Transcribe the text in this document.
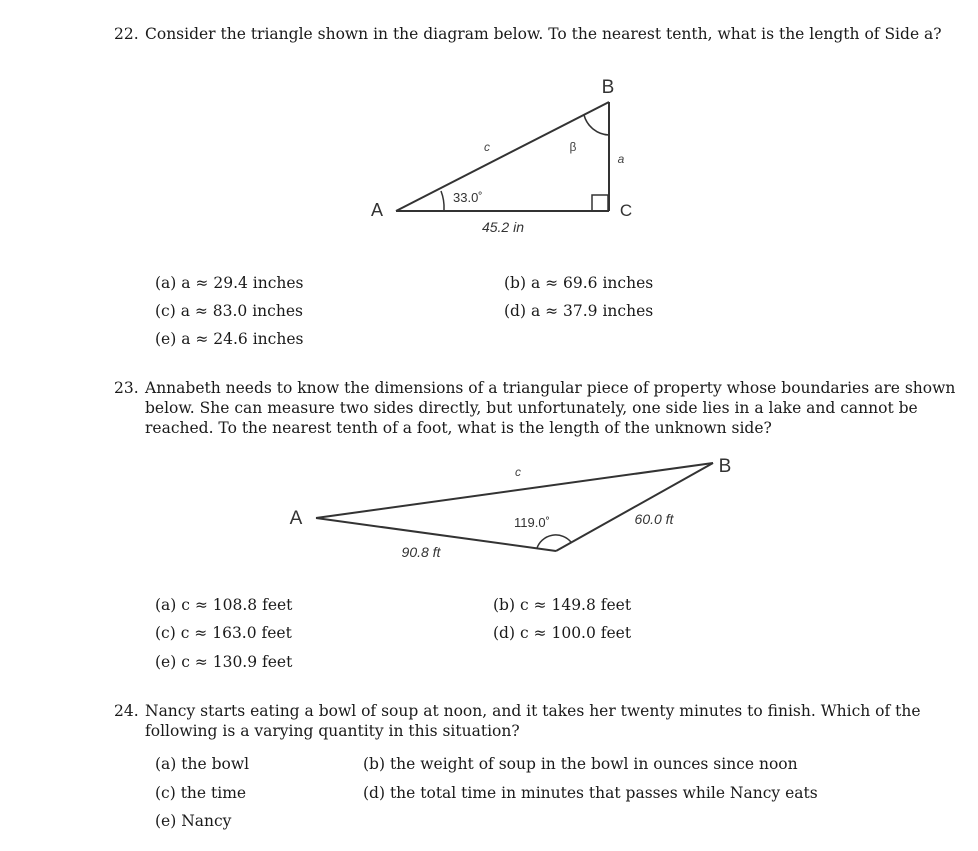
22. Consider the triangle shown in the diagram below. To the nearest tenth, what is the length of Side a?
A
B
C
c
a
β
33.0˚
45.2 in
(a) a ≈ 29.4 inches	(b) a ≈ 69.6 inches
(c) a ≈ 83.0 inches	(d) a ≈ 37.9 inches
(e) a ≈ 24.6 inches
23. Annabeth needs to know the dimensions of a triangular piece of property whose boundaries are shown
below. She can measure two sides directly, but unfortunately, one side lies in a lake and cannot be
reached. To the nearest tenth of a foot, what is the length of the unknown side?
A
B
c
119.0˚
90.8 ft
60.0 ft
(a) c ≈ 108.8 feet	(b) c ≈ 149.8 feet
(c) c ≈ 163.0 feet	(d) c ≈ 100.0 feet
(e) c ≈ 130.9 feet
24. Nancy starts eating a bowl of soup at noon, and it takes her twenty minutes to finish. Which of the
following is a varying quantity in this situation?
(a) the bowl	(b) the weight of soup in the bowl in ounces since noon
(c) the time	(d) the total time in minutes that passes while Nancy eats
(e) Nancy
